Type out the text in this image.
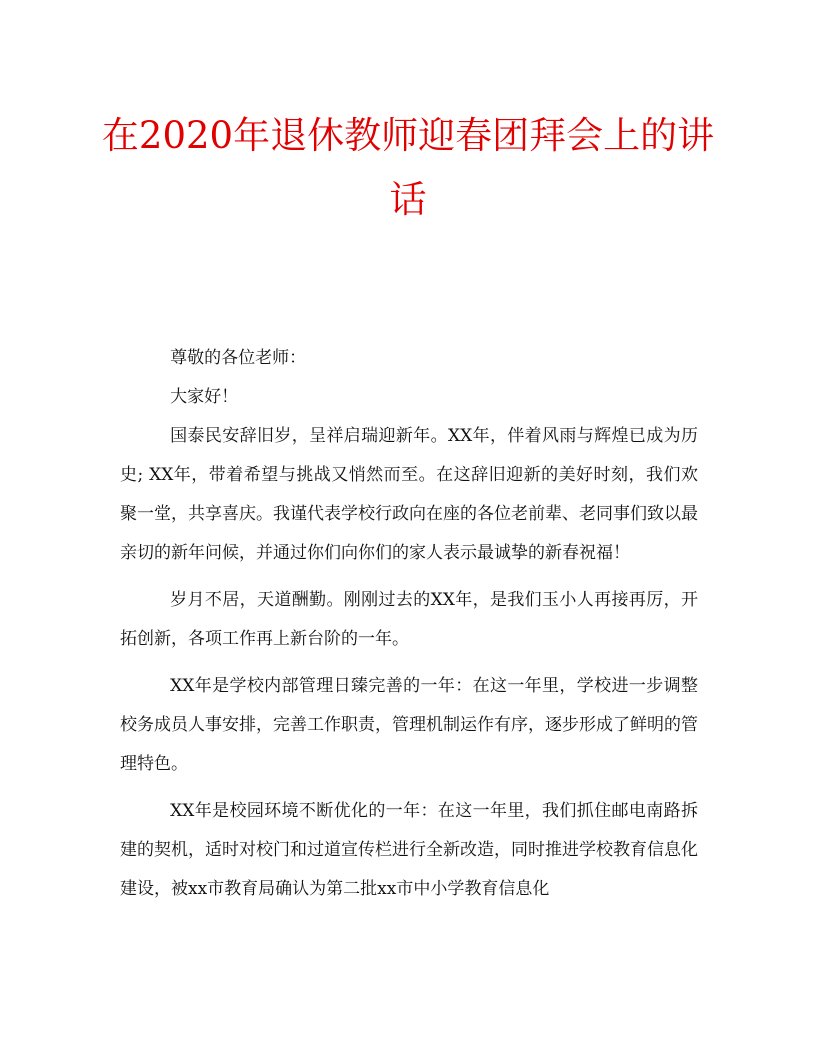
在2020年退休教师迎春团拜会上的讲话

尊敬的各位老师：

大家好！

国泰民安辞旧岁，呈祥启瑞迎新年。XX年，伴着风雨与辉煌已成为历史; XX年，带着希望与挑战又悄然而至。在这辞旧迎新的美好时刻，我们欢聚一堂，共享喜庆。我谨代表学校行政向在座的各位老前辈、老同事们致以最亲切的新年问候，并通过你们向你们的家人表示最诚挚的新春祝福！

岁月不居，天道酬勤。刚刚过去的XX年，是我们玉小人再接再厉，开拓创新，各项工作再上新台阶的一年。

XX年是学校内部管理日臻完善的一年：在这一年里，学校进一步调整校务成员人事安排，完善工作职责，管理机制运作有序，逐步形成了鲜明的管理特色。

XX年是校园环境不断优化的一年：在这一年里，我们抓住邮电南路拆建的契机，适时对校门和过道宣传栏进行全新改造，同时推进学校教育信息化建设，被xx市教育局确认为第二批xx市中小学教育信息化
